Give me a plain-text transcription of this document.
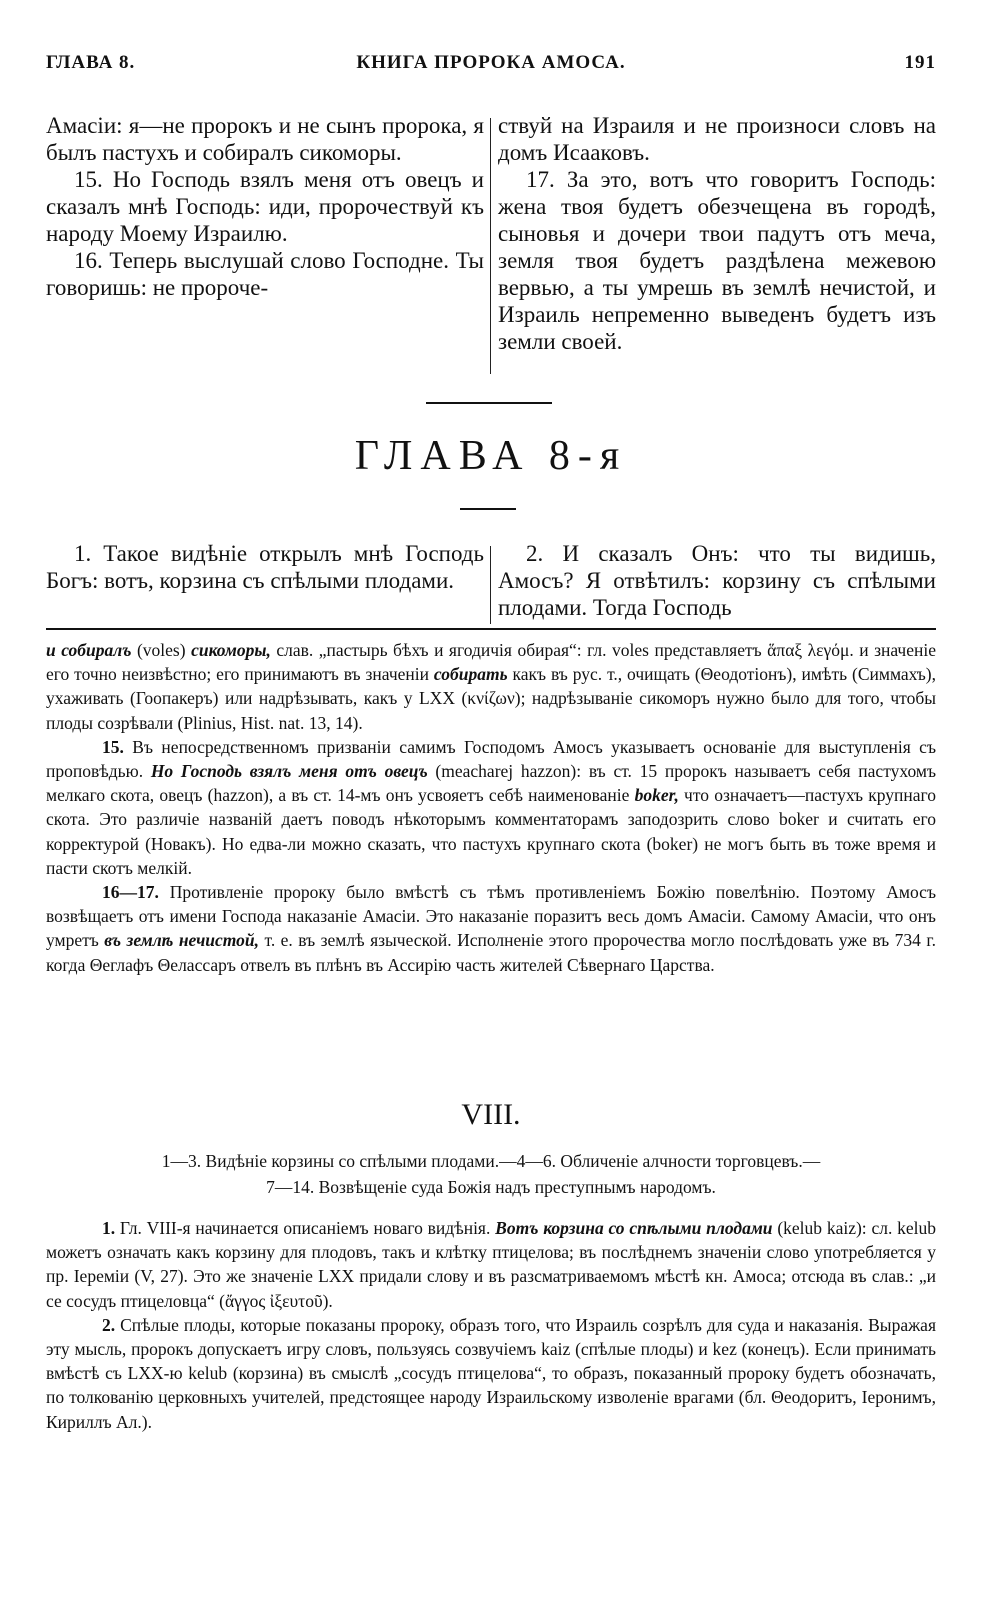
ГЛАВА 8.	КНИГА ПРОРОКА АМОСА.	191

Амасіи: я—не пророкъ и не сынъ пророка, я былъ пастухъ и собиралъ сикоморы.

15. Но Господь взялъ меня отъ овецъ и сказалъ мнѣ Господь: иди, пророчествуй къ народу Моему Израилю.

16. Теперь выслушай слово Господне. Ты говоришь: не пророче-

ствуй на Израиля и не произноси словъ на домъ Исааковъ.

17. За это, вотъ что говоритъ Господь: жена твоя будетъ обезчещена въ городѣ, сыновья и дочери твои падутъ отъ меча, земля твоя будетъ раздѣлена межевою вервью, а ты умрешь въ землѣ нечистой, и Израиль непременно выведенъ будетъ изъ земли своей.

ГЛАВА 8-я

1. Такое видѣніе открылъ мнѣ Господь Богъ: вотъ, корзина съ спѣлыми плодами.

2. И сказалъ Онъ: что ты видишь, Амосъ? Я отвѣтилъ: корзину съ спѣлыми плодами. Тогда Господь

и собиралъ (voles) сикоморы, слав. „пастырь бѣхъ и ягодичія обирая“: гл. voles представляетъ ἅπαξ λεγόμ. и значеніе его точно неизвѣстно; его принимаютъ въ значеніи собирать какъ въ рус. т., очищать (Θеодотіонъ), имѣть (Симмахъ), ухаживать (Гоопакеръ) или надрѣзывать, какъ у LXX (κνίζων); надрѣзываніе сикоморъ нужно было для того, чтобы плоды созрѣвали (Plinius, Hist. nat. 13, 14).

15. Въ непосредственномъ призваніи самимъ Господомъ Амосъ указываетъ основаніе для выступленія съ проповѣдью. Но Господь взялъ меня отъ овецъ (meacharej hazzon): въ ст. 15 пророкъ называетъ себя пастухомъ мелкаго скота, овецъ (hazzon), а въ ст. 14-мъ онъ усвояетъ себѣ наименованіе boker, что означаетъ—пастухъ крупнаго скота. Это различіе названій даетъ поводъ нѣкоторымъ комментаторамъ заподозрить слово boker и считать его корректурой (Новакъ). Но едва-ли можно сказать, что пастухъ крупнаго скота (boker) не могъ быть въ тоже время и пасти скотъ мелкій.

16—17. Противленіе пророку было вмѣстѣ съ тѣмъ противленіемъ Божію повелѣнію. Поэтому Амосъ возвѣщаетъ отъ имени Господа наказаніе Амасіи. Это наказаніе поразитъ весь домъ Амасіи. Самому Амасіи, что онъ умретъ въ землѣ нечистой, т. е. въ землѣ языческой. Исполненіе этого пророчества могло послѣдовать уже въ 734 г. когда Θеглафъ Θелассаръ отвелъ въ плѣнъ въ Ассирію часть жителей Сѣвернаго Царства.

VIII.
1—3. Видѣніе корзины со спѣлыми плодами.—4—6. Обличеніе алчности торговцевъ.—
7—14. Возвѣщеніе суда Божія надъ преступнымъ народомъ.

1. Гл. VIII-я начинается описаніемъ новаго видѣнія. Вотъ корзина со спѣлыми плодами (kelub kaiz): сл. kelub можетъ означать какъ корзину для плодовъ, такъ и клѣтку птицелова; въ послѣднемъ значеніи слово употребляется у пр. Іереміи (V, 27). Это же значеніе LXX придали слову и въ разсматриваемомъ мѣстѣ кн. Амоса; отсюда въ слав.: „и се сосудъ птицеловца“ (ἄγγος ἰξευτοῦ).

2. Спѣлые плоды, которые показаны пророку, образъ того, что Израиль созрѣлъ для суда и наказанія. Выражая эту мысль, пророкъ допускаетъ игру словъ, пользуясь созвучіемъ kaiz (спѣлые плоды) и kez (конецъ). Если принимать вмѣстѣ съ LXX-ю kelub (корзина) въ смыслѣ „сосудъ птицелова“, то образъ, показанный пророку будетъ обозначать, по толкованію церковныхъ учителей, предстоящее народу Израильскому изволеніе врагами (бл. Θеодоритъ, Іеронимъ, Кириллъ Ал.).
